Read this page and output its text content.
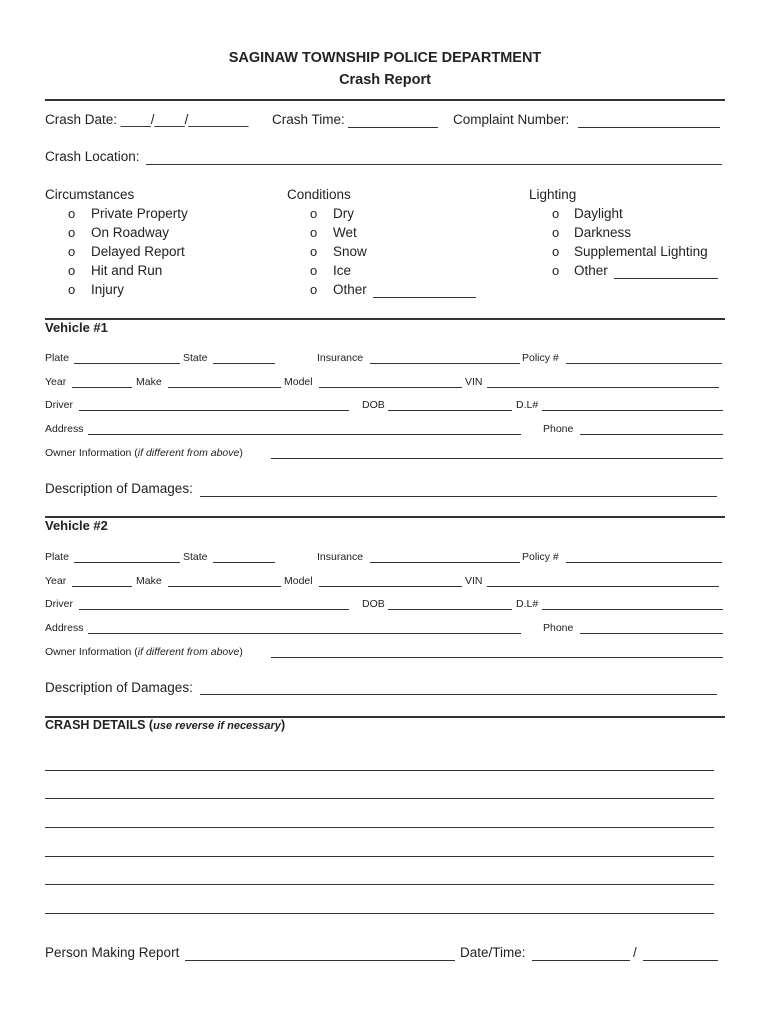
SAGINAW TOWNSHIP POLICE DEPARTMENT
Crash Report
Crash Date: ____/____/________ Crash Time:	Complaint Number:
Crash Location:
Circumstances
o Private Property
o On Roadway
o Delayed Report
o Hit and Run
o Injury
Conditions
o Dry
o Wet
o Snow
o Ice
o Other
Lighting
o Daylight
o Darkness
o Supplemental Lighting
o Other
Vehicle #1
Plate	State	Insurance	Policy #
Year	Make	Model	VIN
Driver	DOB	D.L#
Address	Phone
Owner Information (if different from above)
Description of Damages:
Vehicle #2
Plate	State	Insurance	Policy #
Year	Make	Model	VIN
Driver	DOB	D.L#
Address	Phone
Owner Information (if different from above)
Description of Damages:
CRASH DETAILS (use reverse if necessary)
Person Making Report	Date/Time:	/
